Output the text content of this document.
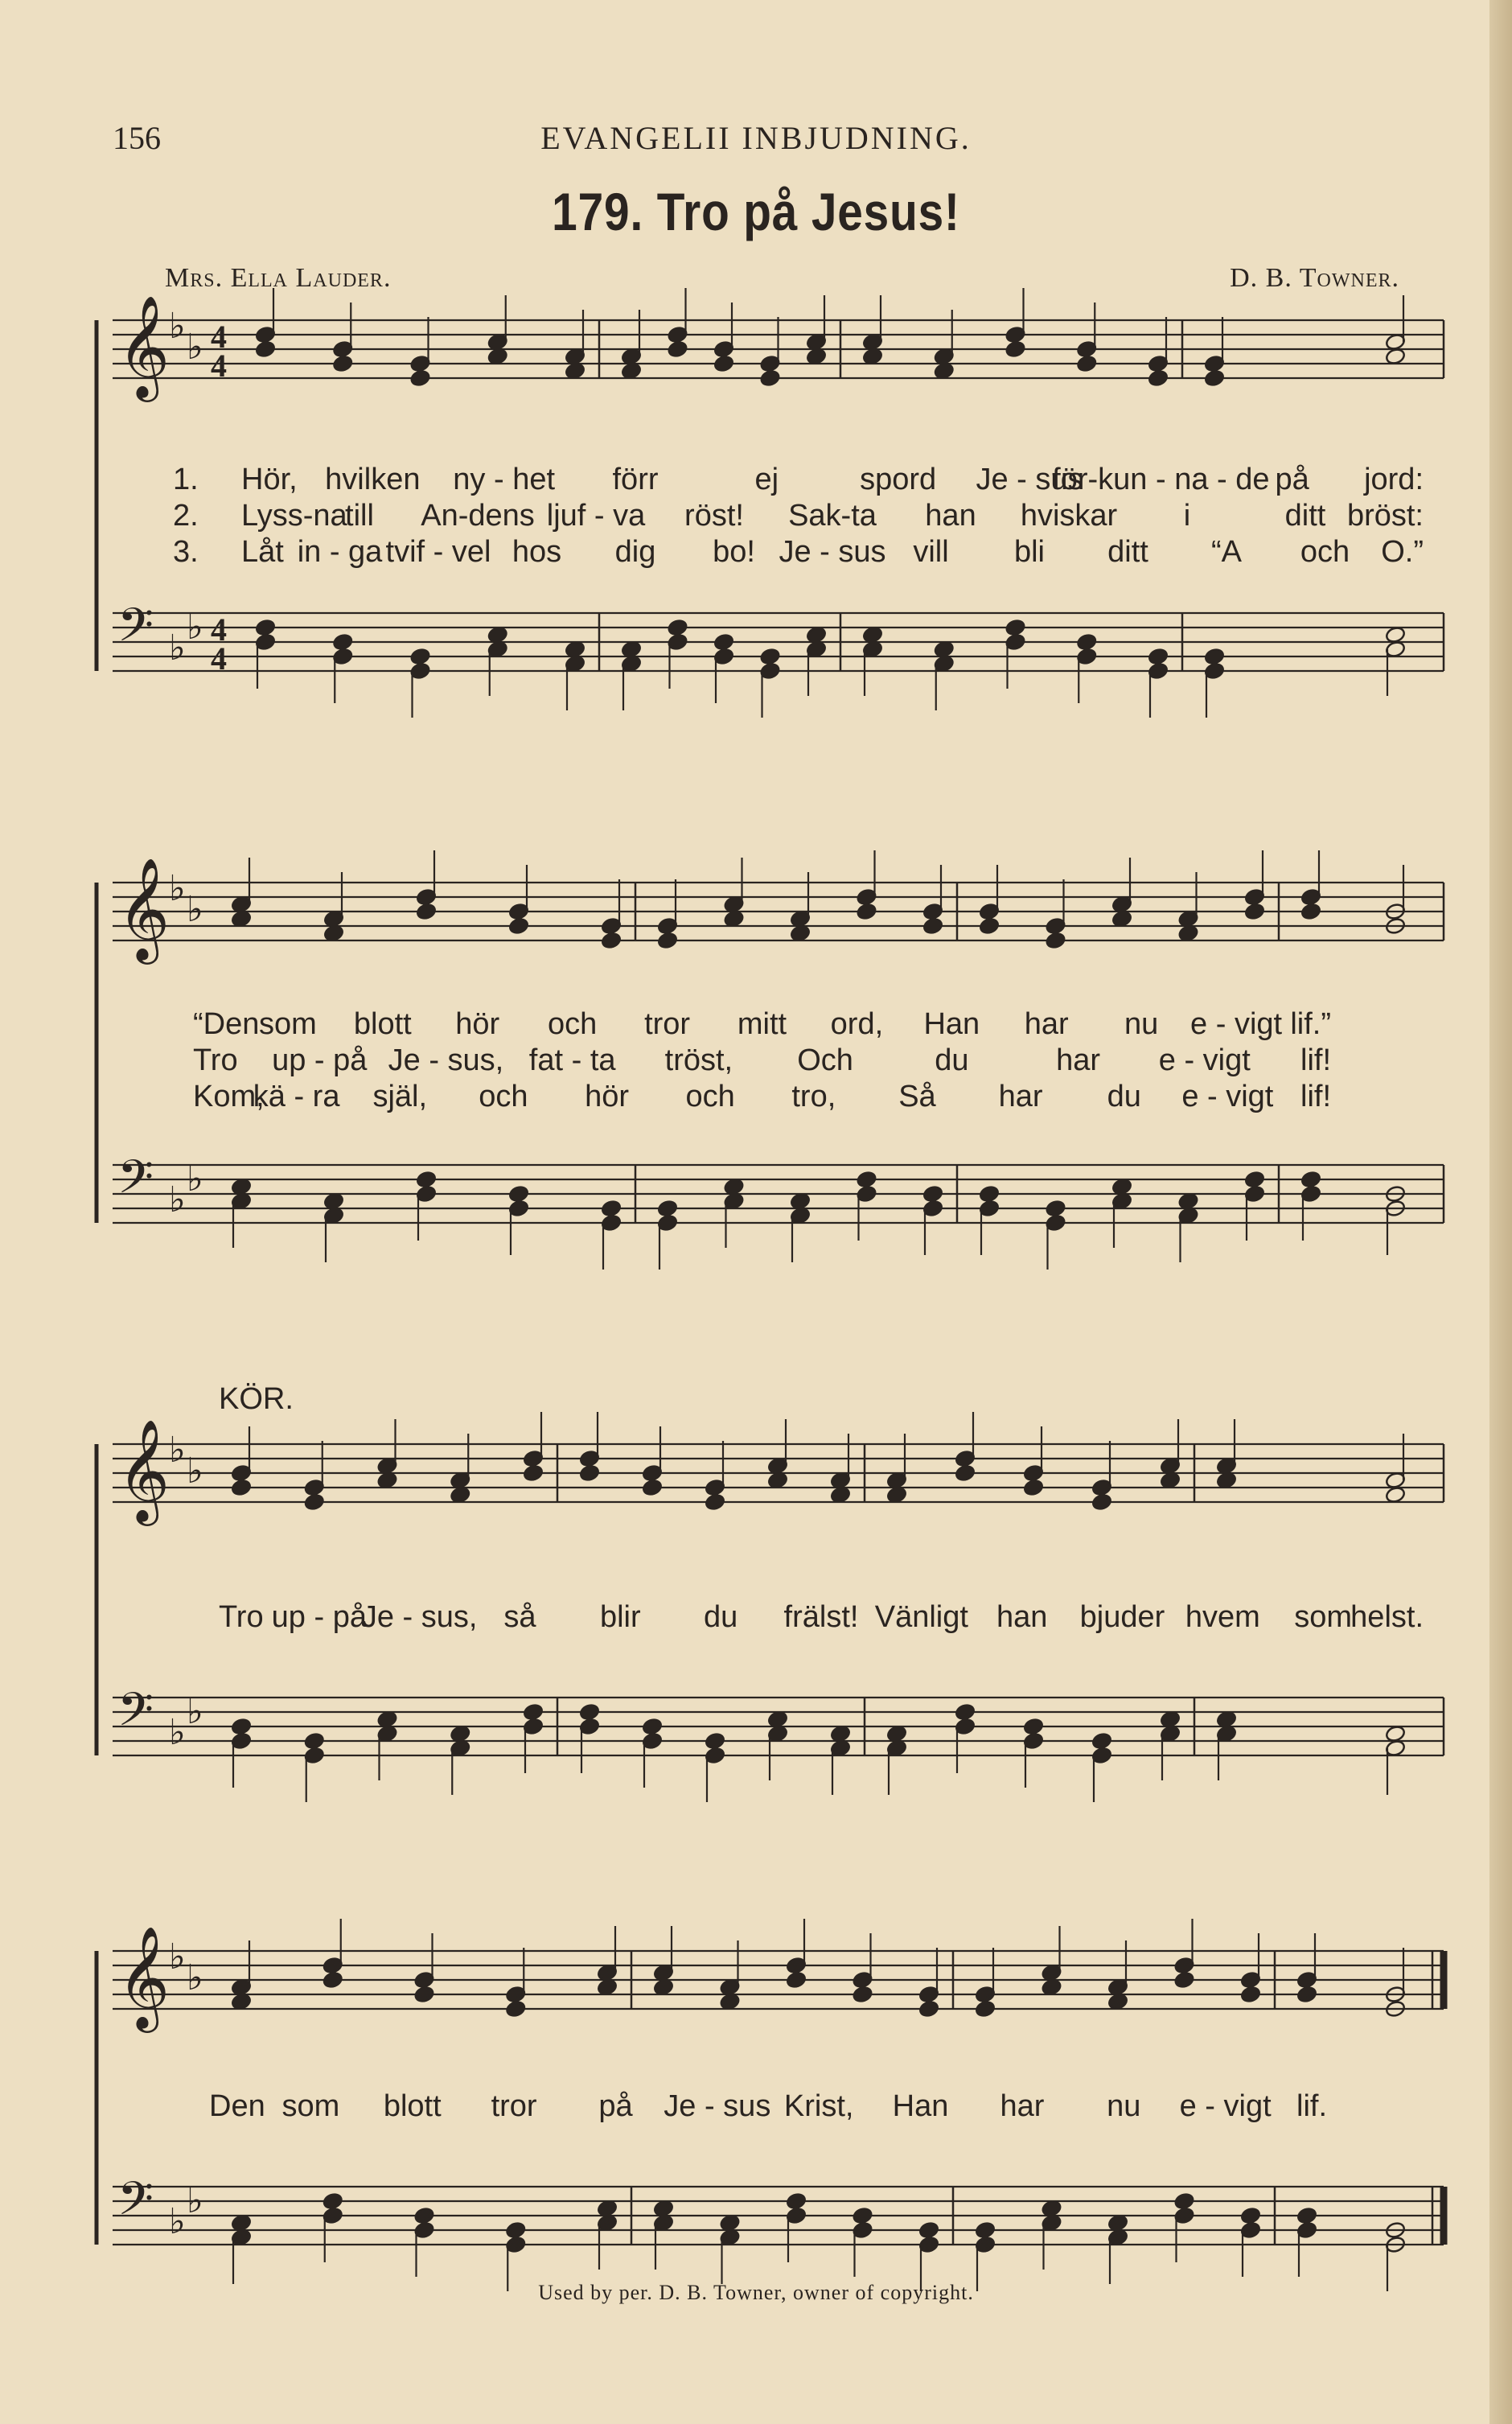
156	EVANGELII INBJUDNING.
179. Tro på Jesus!
Mrs. Ella Lauder.	D. B. Towner.
KÖR.
Used by per. D. B. Towner, owner of copyright.
𝄞
♭
♭ 4
4
𝄢 ♭
♭ 4
4
𝄞
♭
♭
𝄢 ♭
♭
𝄞
♭
♭
𝄢 ♭
♭
𝄞
♭
♭
𝄢 ♭
♭
1.
2.
3.
Hör, hvilken ny - het förr	ej	spord Je - sus
för-kun - na - de på jord:
Lyss-na
till An-dens ljuf - va röst! Sak-ta han hviskar i	ditt bröst:
Låt in - ga tvif - vel hos dig bo! Je - sus vill bli ditt “A och O.”
“Den som blott hör och tror mitt ord, Han har nu e - vigt lif.”
Tro up - på Je - sus, fat - ta tröst, Och	du	har e - vigt lif!
Kom,
kä - ra själ, och hör och tro, Så har du e - vigt lif!
Tro up - på
Je - sus, så blir du frälst! Vänligt han bjuder hvem som
helst.
Den som blott tror på Je - sus Krist, Han har nu e - vigt lif.
